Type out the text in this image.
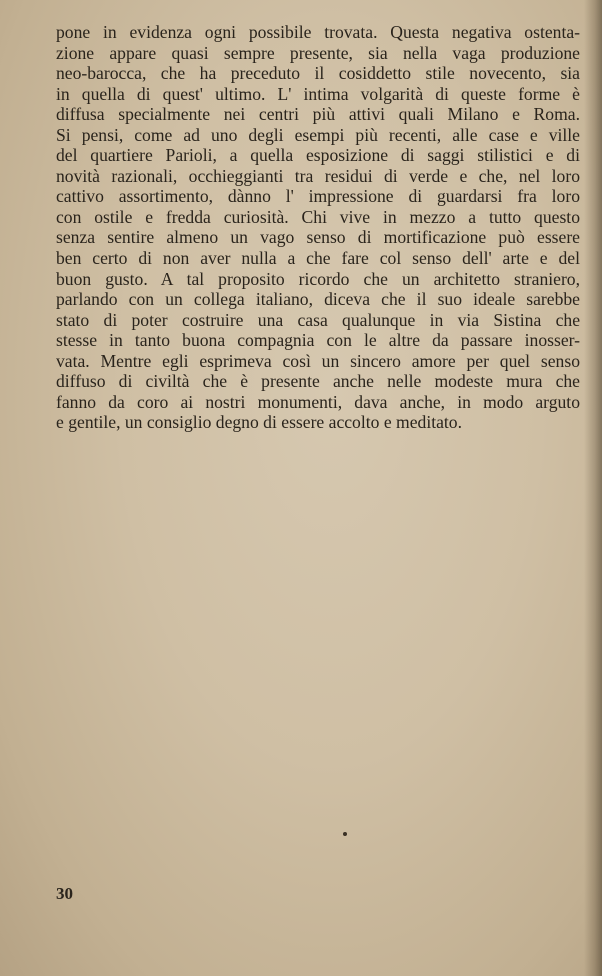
pone in evidenza ogni possibile trovata. Questa negativa ostenta-
zione appare quasi sempre presente, sia nella vaga produzione
neo-barocca, che ha preceduto il cosiddetto stile novecento, sia
in quella di quest' ultimo. L' intima volgarità di queste forme è
diffusa specialmente nei centri più attivi quali Milano e Roma.
Si pensi, come ad uno degli esempi più recenti, alle case e ville
del quartiere Parioli, a quella esposizione di saggi stilistici e di
novità razionali, occhieggianti tra residui di verde e che, nel loro
cattivo assortimento, dànno l' impressione di guardarsi fra loro
con ostile e fredda curiosità. Chi vive in mezzo a tutto questo
senza sentire almeno un vago senso di mortificazione può essere
ben certo di non aver nulla a che fare col senso dell' arte e del
buon gusto. A tal proposito ricordo che un architetto straniero,
parlando con un collega italiano, diceva che il suo ideale sarebbe
stato di poter costruire una casa qualunque in via Sistina che
stesse in tanto buona compagnia con le altre da passare inosser-
vata. Mentre egli esprimeva così un sincero amore per quel senso
diffuso di civiltà che è presente anche nelle modeste mura che
fanno da coro ai nostri monumenti, dava anche, in modo arguto
e gentile, un consiglio degno di essere accolto e meditato.
30
